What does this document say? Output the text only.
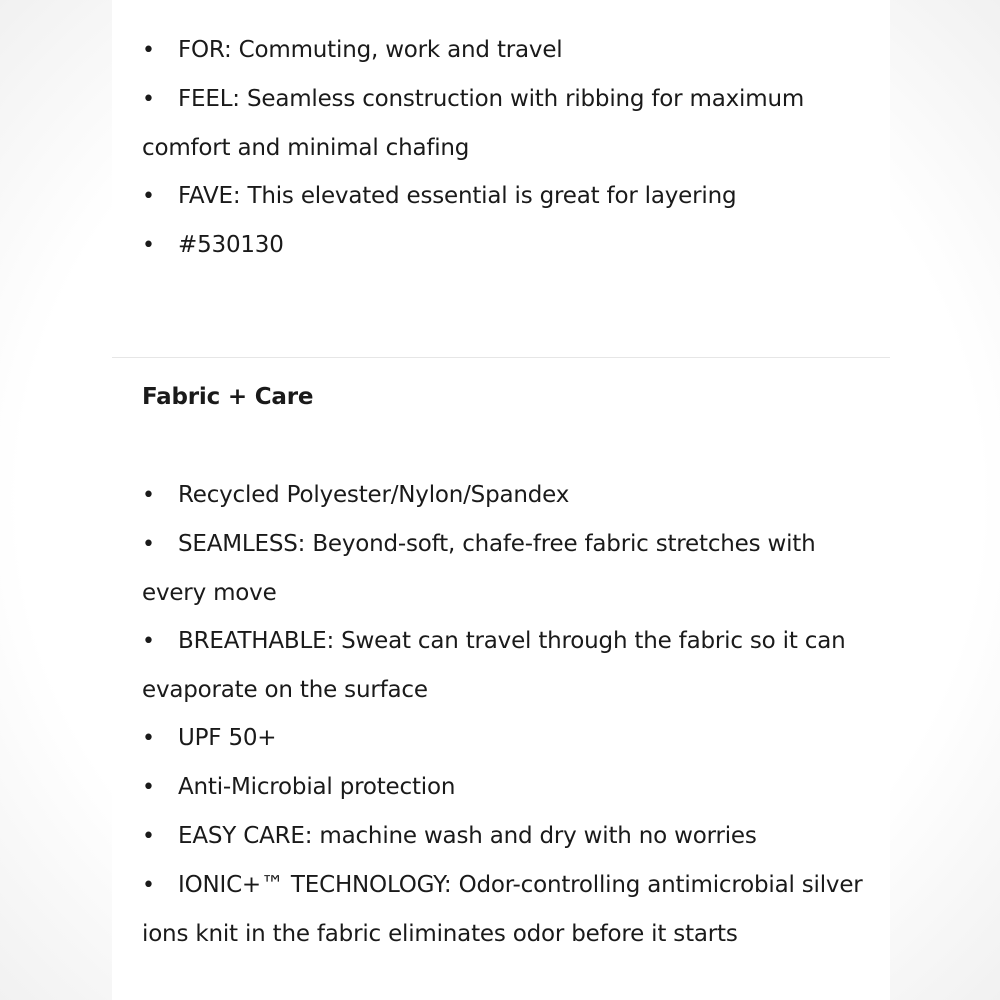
• FOR: Commuting, work and travel
• FEEL: Seamless construction with ribbing for maximum comfort and minimal chafing
• FAVE: This elevated essential is great for layering
• #530130
Fabric + Care
• Recycled Polyester/Nylon/Spandex
• SEAMLESS: Beyond-soft, chafe-free fabric stretches with every move
• BREATHABLE: Sweat can travel through the fabric so it can evaporate on the surface
• UPF 50+
• Anti-Microbial protection
• EASY CARE: machine wash and dry with no worries
• IONIC+™ TECHNOLOGY: Odor-controlling antimicrobial silver ions knit in the fabric eliminates odor before it starts
